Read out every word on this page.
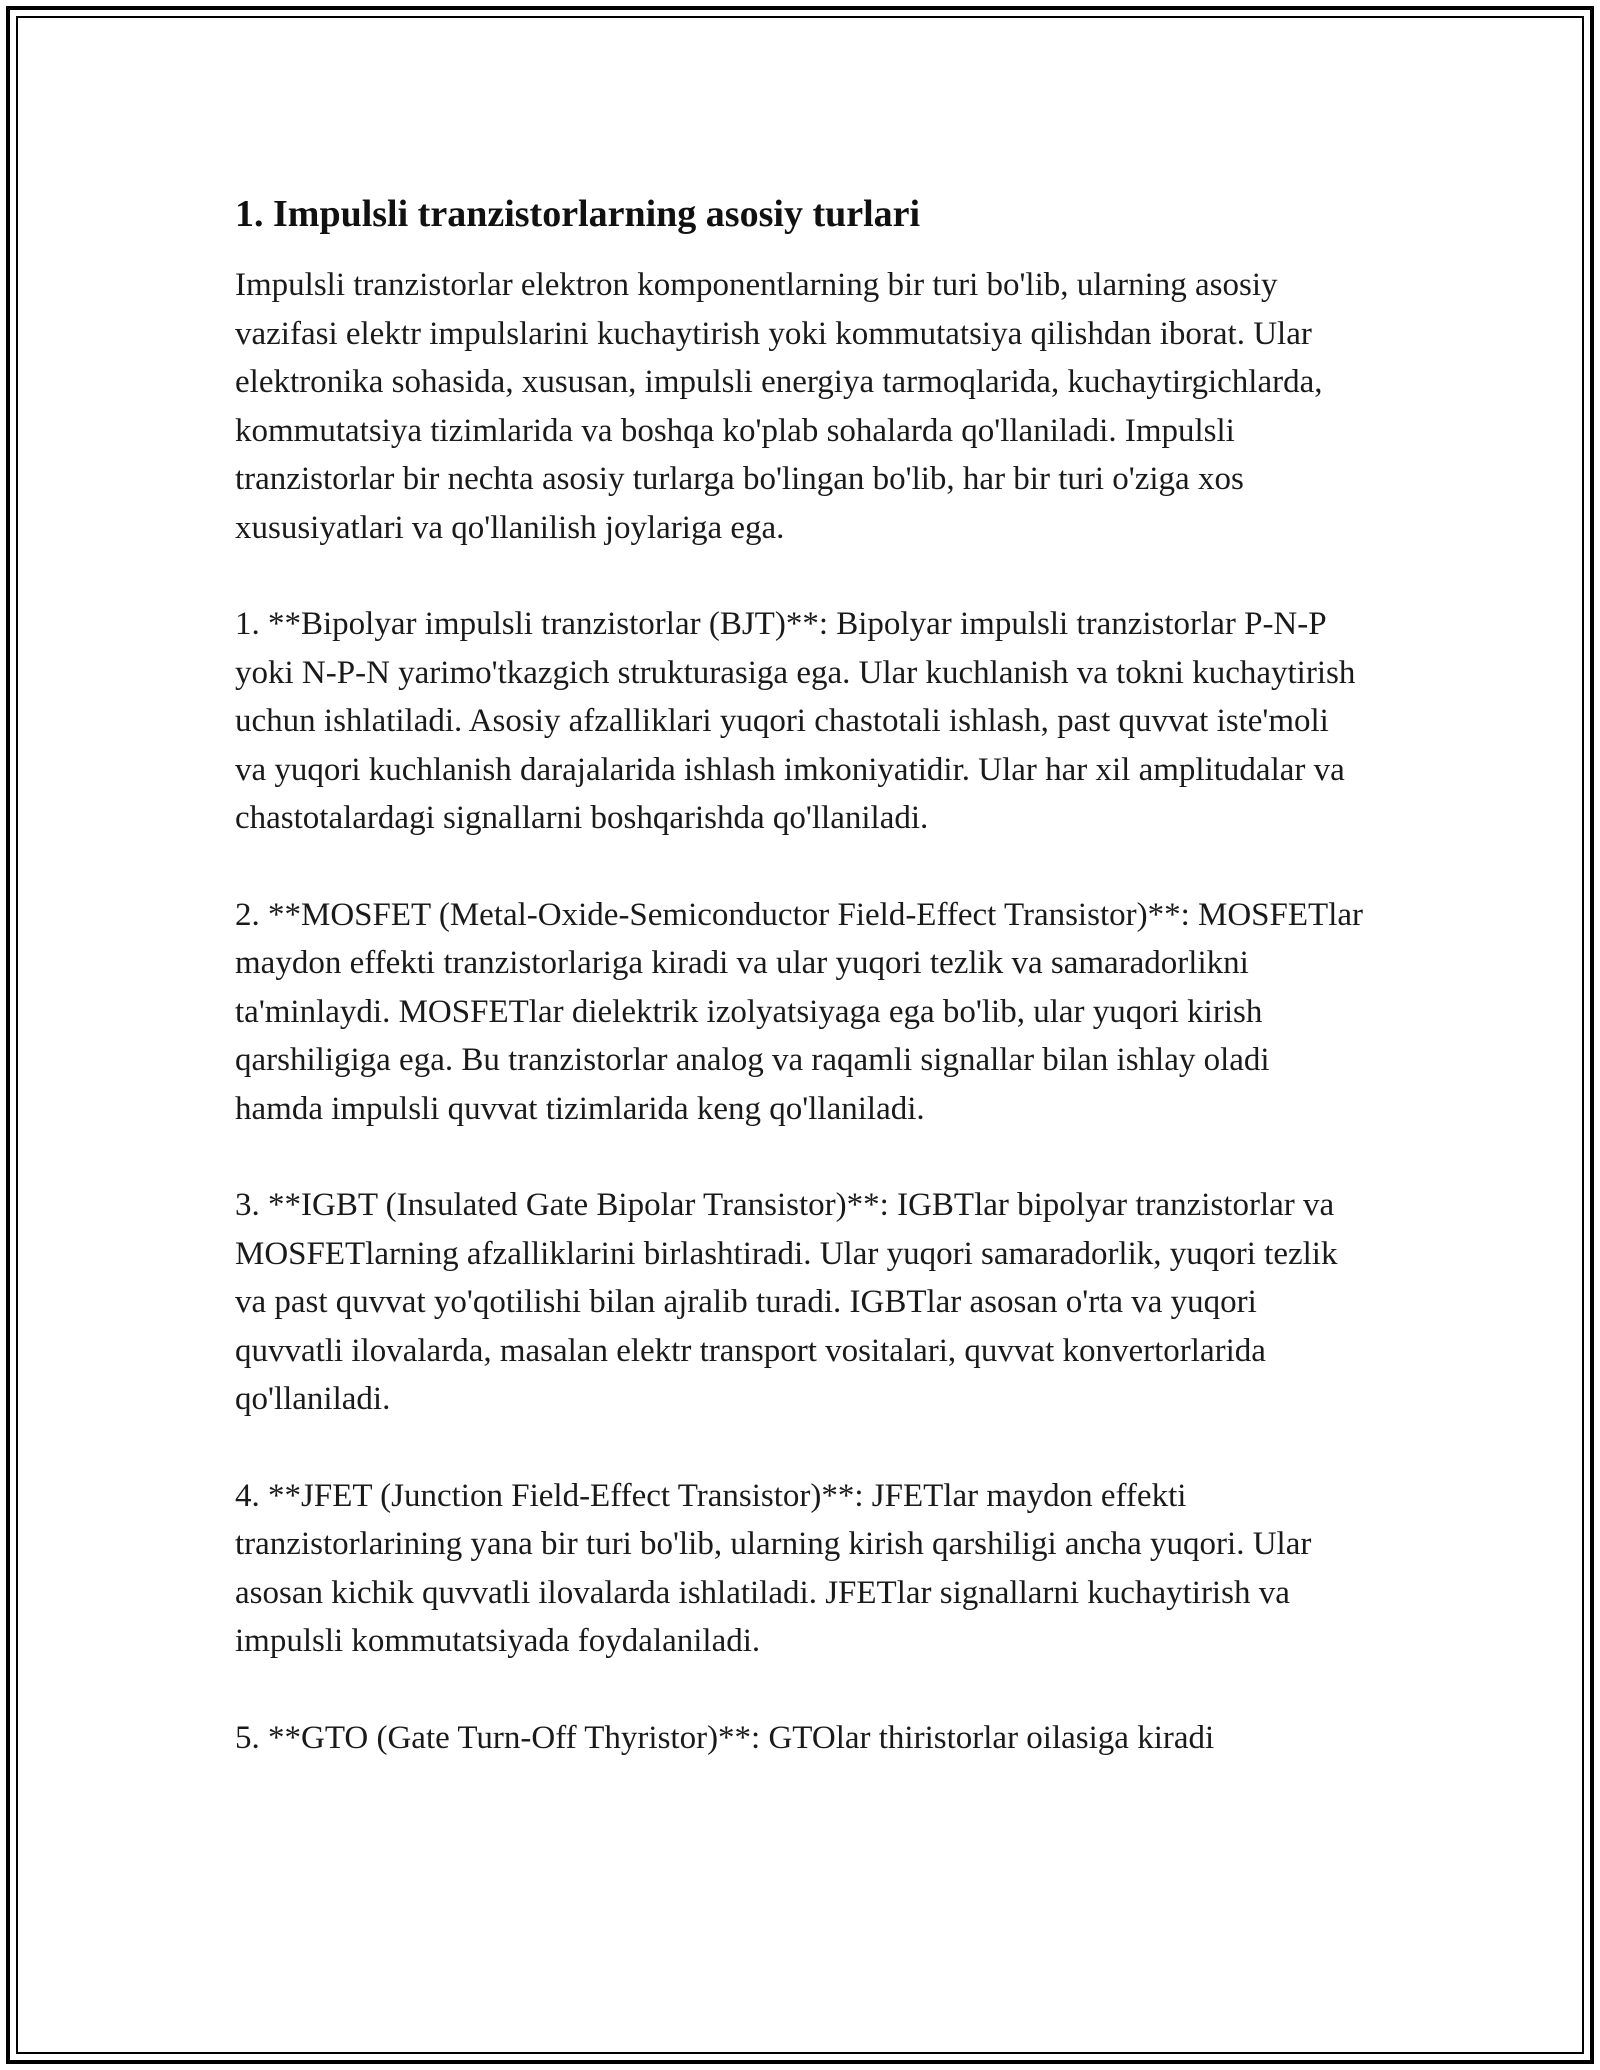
1. Impulsli tranzistorlarning asosiy turlari

Impulsli tranzistorlar elektron komponentlarning bir turi bo'lib, ularning asosiy vazifasi elektr impulslarini kuchaytirish yoki kommutatsiya qilishdan iborat. Ular elektronika sohasida, xususan, impulsli energiya tarmoqlarida, kuchaytirgichlarda, kommutatsiya tizimlarida va boshqa ko'plab sohalarda qo'llaniladi. Impulsli tranzistorlar bir nechta asosiy turlarga bo'lingan bo'lib, har bir turi o'ziga xos xususiyatlari va qo'llanilish joylariga ega.

1. **Bipolyar impulsli tranzistorlar (BJT)**: Bipolyar impulsli tranzistorlar P-N-P yoki N-P-N yarimo'tkazgich strukturasiga ega. Ular kuchlanish va tokni kuchaytirish uchun ishlatiladi. Asosiy afzalliklari yuqori chastotali ishlash, past quvvat iste'moli va yuqori kuchlanish darajalarida ishlash imkoniyatidir. Ular har xil amplitudalar va chastotalardagi signallarni boshqarishda qo'llaniladi.

2. **MOSFET (Metal-Oxide-Semiconductor Field-Effect Transistor)**: MOSFETlar maydon effekti tranzistorlariga kiradi va ular yuqori tezlik va samaradorlikni ta'minlaydi. MOSFETlar dielektrik izolyatsiyaga ega bo'lib, ular yuqori kirish qarshiligiga ega. Bu tranzistorlar analog va raqamli signallar bilan ishlay oladi hamda impulsli quvvat tizimlarida keng qo'llaniladi.

3. **IGBT (Insulated Gate Bipolar Transistor)**: IGBTlar bipolyar tranzistorlar va MOSFETlarning afzalliklarini birlashtiradi. Ular yuqori samaradorlik, yuqori tezlik va past quvvat yo'qotilishi bilan ajralib turadi. IGBTlar asosan o'rta va yuqori quvvatli ilovalarda, masalan elektr transport vositalari, quvvat konvertorlarida qo'llaniladi.

4. **JFET (Junction Field-Effect Transistor)**: JFETlar maydon effekti tranzistorlarining yana bir turi bo'lib, ularning kirish qarshiligi ancha yuqori. Ular asosan kichik quvvatli ilovalarda ishlatiladi. JFETlar signallarni kuchaytirish va impulsli kommutatsiyada foydalaniladi.

5. **GTO (Gate Turn-Off Thyristor)**: GTOlar thiristorlar oilasiga kiradi
